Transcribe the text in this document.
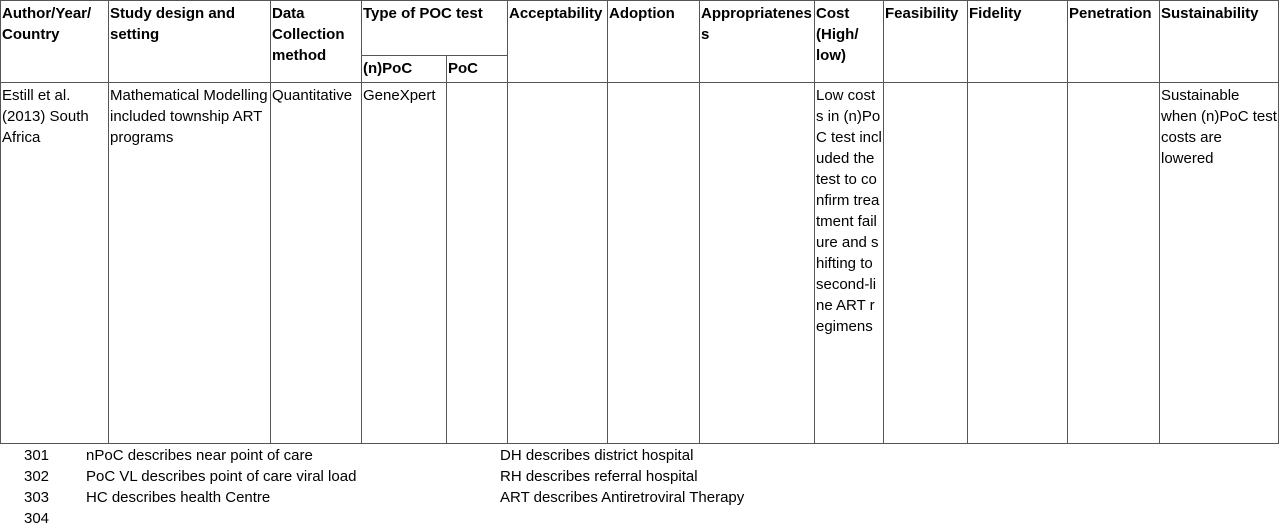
Author/Year/ Country	Study design and setting	Data Collection method	Type of POC test		Acceptability	Adoption	Appropriatenes s	Cost (High/ low)	Feasibility	Fidelity	Penetration	Sustainability
			(n)PoC	PoC								
Estill et al. (2013) South Africa	Mathematical Modelling included township ART programs	Quantitative	GeneXpert					Low costs in (n)PoC test included the test to confirm treatment failure and shifting to second-line ART regimens				Sustainable when (n)PoC test costs are lowered
301 nPoC describes near point of care	DH describes district hospital
302 PoC VL describes point of care viral load	RH describes referral hospital
303 HC describes health Centre	ART describes Antiretroviral Therapy
304
